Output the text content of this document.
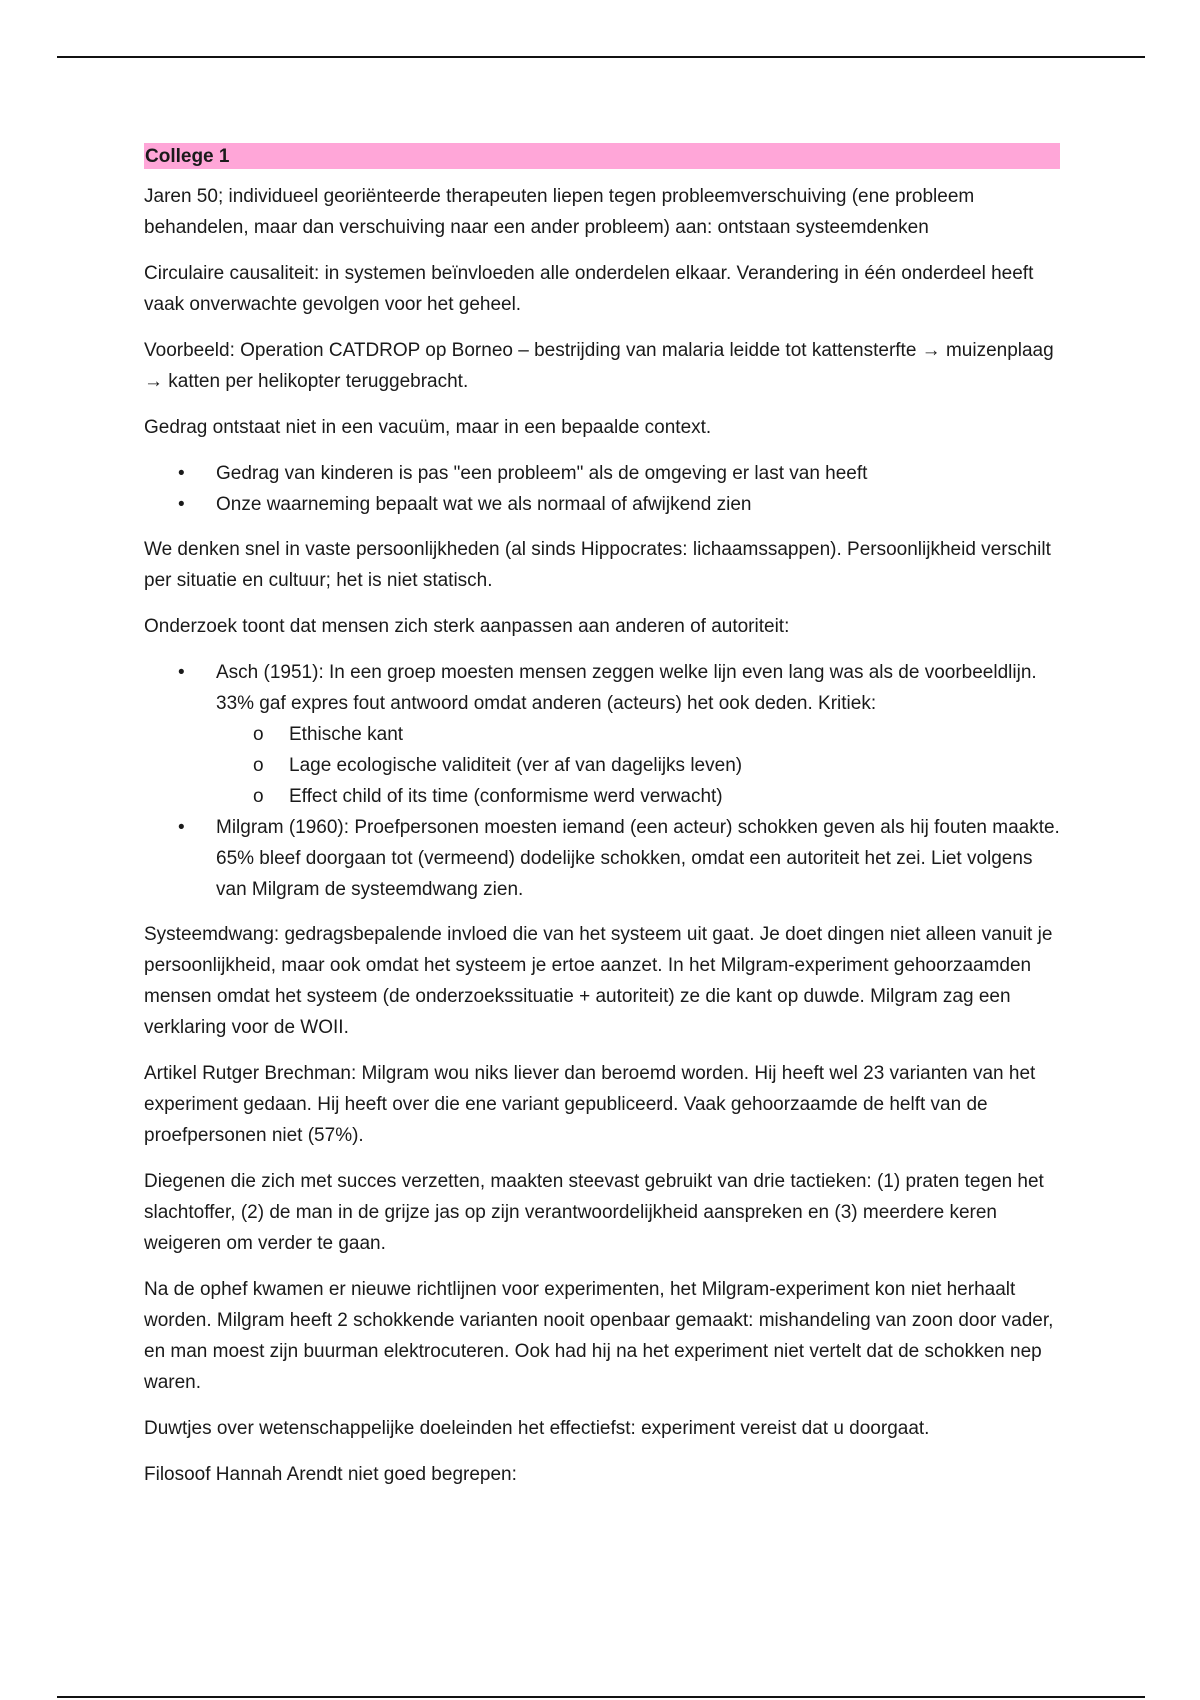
College 1

Jaren 50; individueel georiënteerde therapeuten liepen tegen probleemverschuiving (ene probleem behandelen, maar dan verschuiving naar een ander probleem) aan: ontstaan systeemdenken

Circulaire causaliteit: in systemen beïnvloeden alle onderdelen elkaar. Verandering in één onderdeel heeft vaak onverwachte gevolgen voor het geheel.

Voorbeeld: Operation CATDROP op Borneo – bestrijding van malaria leidde tot kattensterfte → muizenplaag → katten per helikopter teruggebracht.

Gedrag ontstaat niet in een vacuüm, maar in een bepaalde context.

• Gedrag van kinderen is pas "een probleem" als de omgeving er last van heeft
• Onze waarneming bepaalt wat we als normaal of afwijkend zien

We denken snel in vaste persoonlijkheden (al sinds Hippocrates: lichaamssappen). Persoonlijkheid verschilt per situatie en cultuur; het is niet statisch.

Onderzoek toont dat mensen zich sterk aanpassen aan anderen of autoriteit:

• Asch (1951): In een groep moesten mensen zeggen welke lijn even lang was als de voorbeeldlijn. 33% gaf expres fout antwoord omdat anderen (acteurs) het ook deden. Kritiek:
o Ethische kant
o Lage ecologische validiteit (ver af van dagelijks leven)
o Effect child of its time (conformisme werd verwacht)
• Milgram (1960): Proefpersonen moesten iemand (een acteur) schokken geven als hij fouten maakte. 65% bleef doorgaan tot (vermeend) dodelijke schokken, omdat een autoriteit het zei. Liet volgens van Milgram de systeemdwang zien.

Systeemdwang: gedragsbepalende invloed die van het systeem uit gaat. Je doet dingen niet alleen vanuit je persoonlijkheid, maar ook omdat het systeem je ertoe aanzet. In het Milgram-experiment gehoorzaamden mensen omdat het systeem (de onderzoekssituatie + autoriteit) ze die kant op duwde. Milgram zag een verklaring voor de WOII.

Artikel Rutger Brechman: Milgram wou niks liever dan beroemd worden. Hij heeft wel 23 varianten van het experiment gedaan. Hij heeft over die ene variant gepubliceerd. Vaak gehoorzaamde de helft van de proefpersonen niet (57%).

Diegenen die zich met succes verzetten, maakten steevast gebruikt van drie tactieken: (1) praten tegen het slachtoffer, (2) de man in de grijze jas op zijn verantwoordelijkheid aanspreken en (3) meerdere keren weigeren om verder te gaan.

Na de ophef kwamen er nieuwe richtlijnen voor experimenten, het Milgram-experiment kon niet herhaalt worden. Milgram heeft 2 schokkende varianten nooit openbaar gemaakt: mishandeling van zoon door vader, en man moest zijn buurman elektrocuteren. Ook had hij na het experiment niet vertelt dat de schokken nep waren.

Duwtjes over wetenschappelijke doeleinden het effectiefst: experiment vereist dat u doorgaat.

Filosoof Hannah Arendt niet goed begrepen:
